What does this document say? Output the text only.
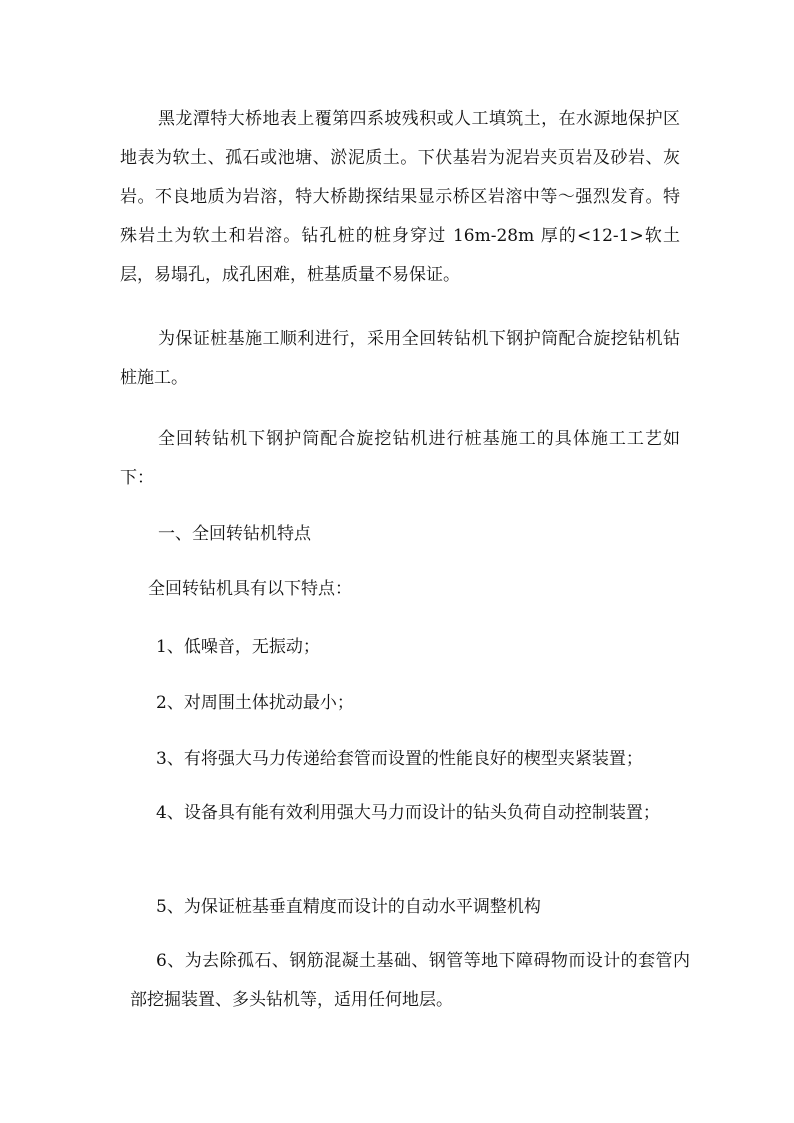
黑龙潭特大桥地表上覆第四系坡残积或人工填筑土，在水源地保护区地表为软土、孤石或池塘、淤泥质土。下伏基岩为泥岩夹页岩及砂岩、灰岩。不良地质为岩溶，特大桥勘探结果显示桥区岩溶中等～强烈发育。特殊岩土为软土和岩溶。钻孔桩的桩身穿过 16m-28m 厚的<12-1>软土层，易塌孔，成孔困难，桩基质量不易保证。

为保证桩基施工顺利进行，采用全回转钻机下钢护筒配合旋挖钻机钻桩施工。

全回转钻机下钢护筒配合旋挖钻机进行桩基施工的具体施工工艺如下：

一、全回转钻机特点

全回转钻机具有以下特点：

1、低噪音，无振动；

2、对周围土体扰动最小；

3、有将强大马力传递给套管而设置的性能良好的楔型夹紧装置；

4、设备具有能有效利用强大马力而设计的钻头负荷自动控制装置；

5、为保证桩基垂直精度而设计的自动水平调整机构

6、为去除孤石、钢筋混凝土基础、钢管等地下障碍物而设计的套管内部挖掘装置、多头钻机等，适用任何地层。
